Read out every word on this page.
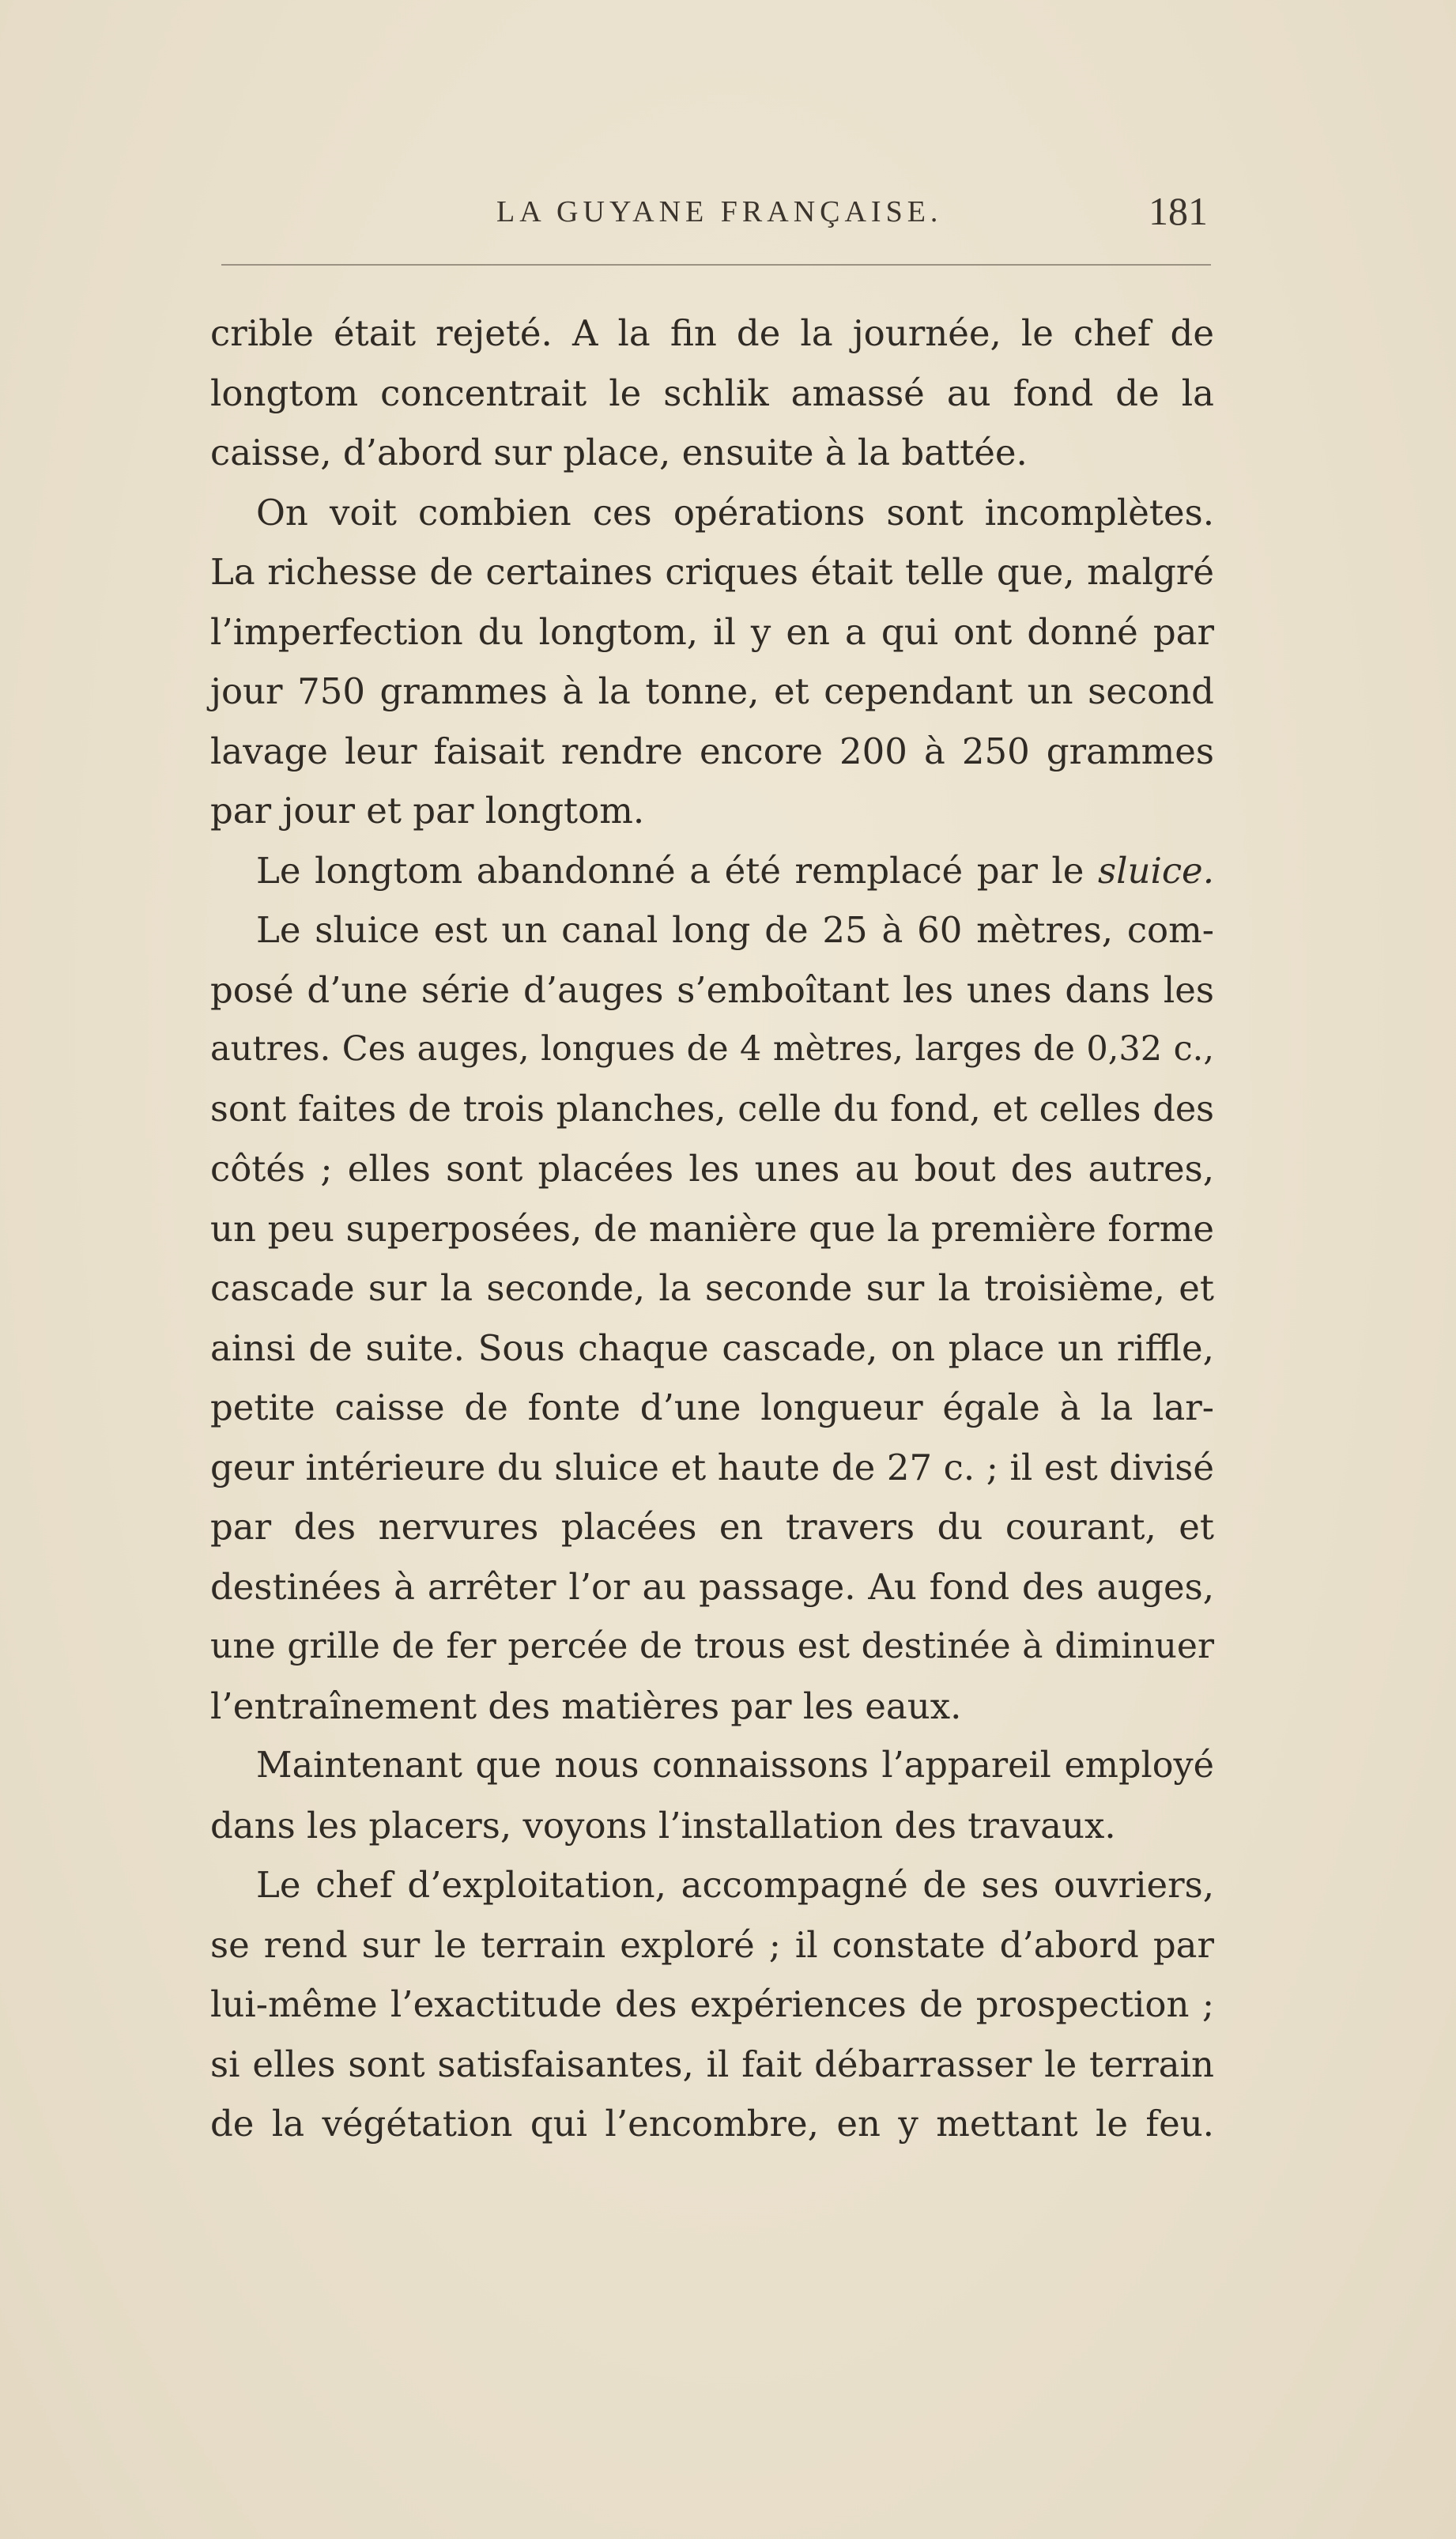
LA GUYANE FRANÇAISE.	181
crible était rejeté. A la fin de la journée, le chef de
longtom concentrait le schlik amassé au fond de la
caisse, d’abord sur place, ensuite à la battée.
On voit combien ces opérations sont incomplètes.
La richesse de certaines criques était telle que, malgré
l’imperfection du longtom, il y en a qui ont donné par
jour 750 grammes à la tonne, et cependant un second
lavage leur faisait rendre encore 200 à 250 grammes
par jour et par longtom.
Le longtom abandonné a été remplacé par le sluice.
Le sluice est un canal long de 25 à 60 mètres, com-
posé d’une série d’auges s’emboîtant les unes dans les
autres. Ces auges, longues de 4 mètres, larges de 0,32 c.,
sont faites de trois planches, celle du fond, et celles des
côtés ; elles sont placées les unes au bout des autres,
un peu superposées, de manière que la première forme
cascade sur la seconde, la seconde sur la troisième, et
ainsi de suite. Sous chaque cascade, on place un riffle,
petite caisse de fonte d’une longueur égale à la lar-
geur intérieure du sluice et haute de 27 c. ; il est divisé
par des nervures placées en travers du courant, et
destinées à arrêter l’or au passage. Au fond des auges,
une grille de fer percée de trous est destinée à diminuer
l’entraînement des matières par les eaux.
Maintenant que nous connaissons l’appareil employé
dans les placers, voyons l’installation des travaux.
Le chef d’exploitation, accompagné de ses ouvriers,
se rend sur le terrain exploré ; il constate d’abord par
lui-même l’exactitude des expériences de prospection ;
si elles sont satisfaisantes, il fait débarrasser le terrain
de la végétation qui l’encombre, en y mettant le feu.
